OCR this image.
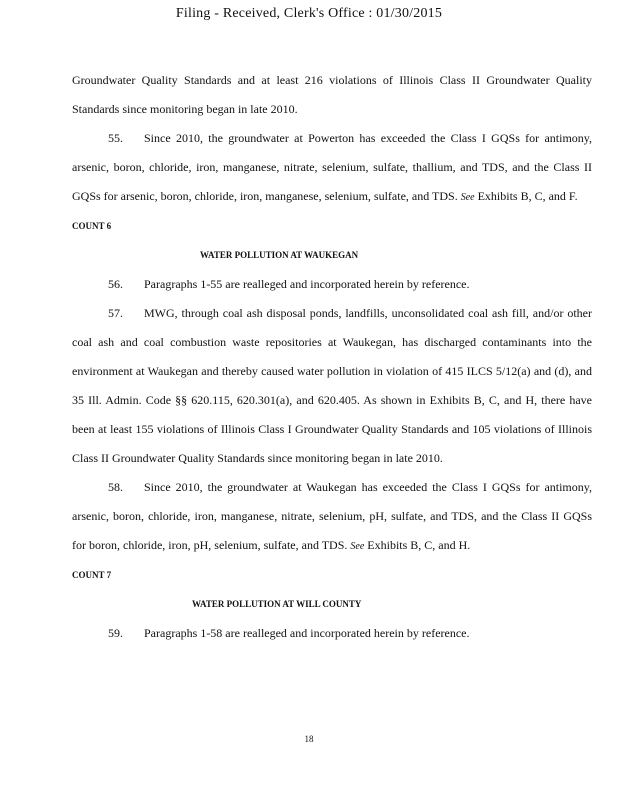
Filing - Received, Clerk's Office : 01/30/2015

Groundwater Quality Standards and at least 216 violations of Illinois Class II Groundwater Quality Standards since monitoring began in late 2010.

55. Since 2010, the groundwater at Powerton has exceeded the Class I GQSs for antimony, arsenic, boron, chloride, iron, manganese, nitrate, selenium, sulfate, thallium, and TDS, and the Class II GQSs for arsenic, boron, chloride, iron, manganese, selenium, sulfate, and TDS. See Exhibits B, C, and F.

COUNT 6

WATER POLLUTION AT WAUKEGAN

56. Paragraphs 1-55 are realleged and incorporated herein by reference.

57. MWG, through coal ash disposal ponds, landfills, unconsolidated coal ash fill, and/or other coal ash and coal combustion waste repositories at Waukegan, has discharged contaminants into the environment at Waukegan and thereby caused water pollution in violation of 415 ILCS 5/12(a) and (d), and 35 Ill. Admin. Code §§ 620.115, 620.301(a), and 620.405. As shown in Exhibits B, C, and H, there have been at least 155 violations of Illinois Class I Groundwater Quality Standards and 105 violations of Illinois Class II Groundwater Quality Standards since monitoring began in late 2010.

58. Since 2010, the groundwater at Waukegan has exceeded the Class I GQSs for antimony, arsenic, boron, chloride, iron, manganese, nitrate, selenium, pH, sulfate, and TDS, and the Class II GQSs for boron, chloride, iron, pH, selenium, sulfate, and TDS. See Exhibits B, C, and H.

COUNT 7

WATER POLLUTION AT WILL COUNTY

59. Paragraphs 1-58 are realleged and incorporated herein by reference.

18
